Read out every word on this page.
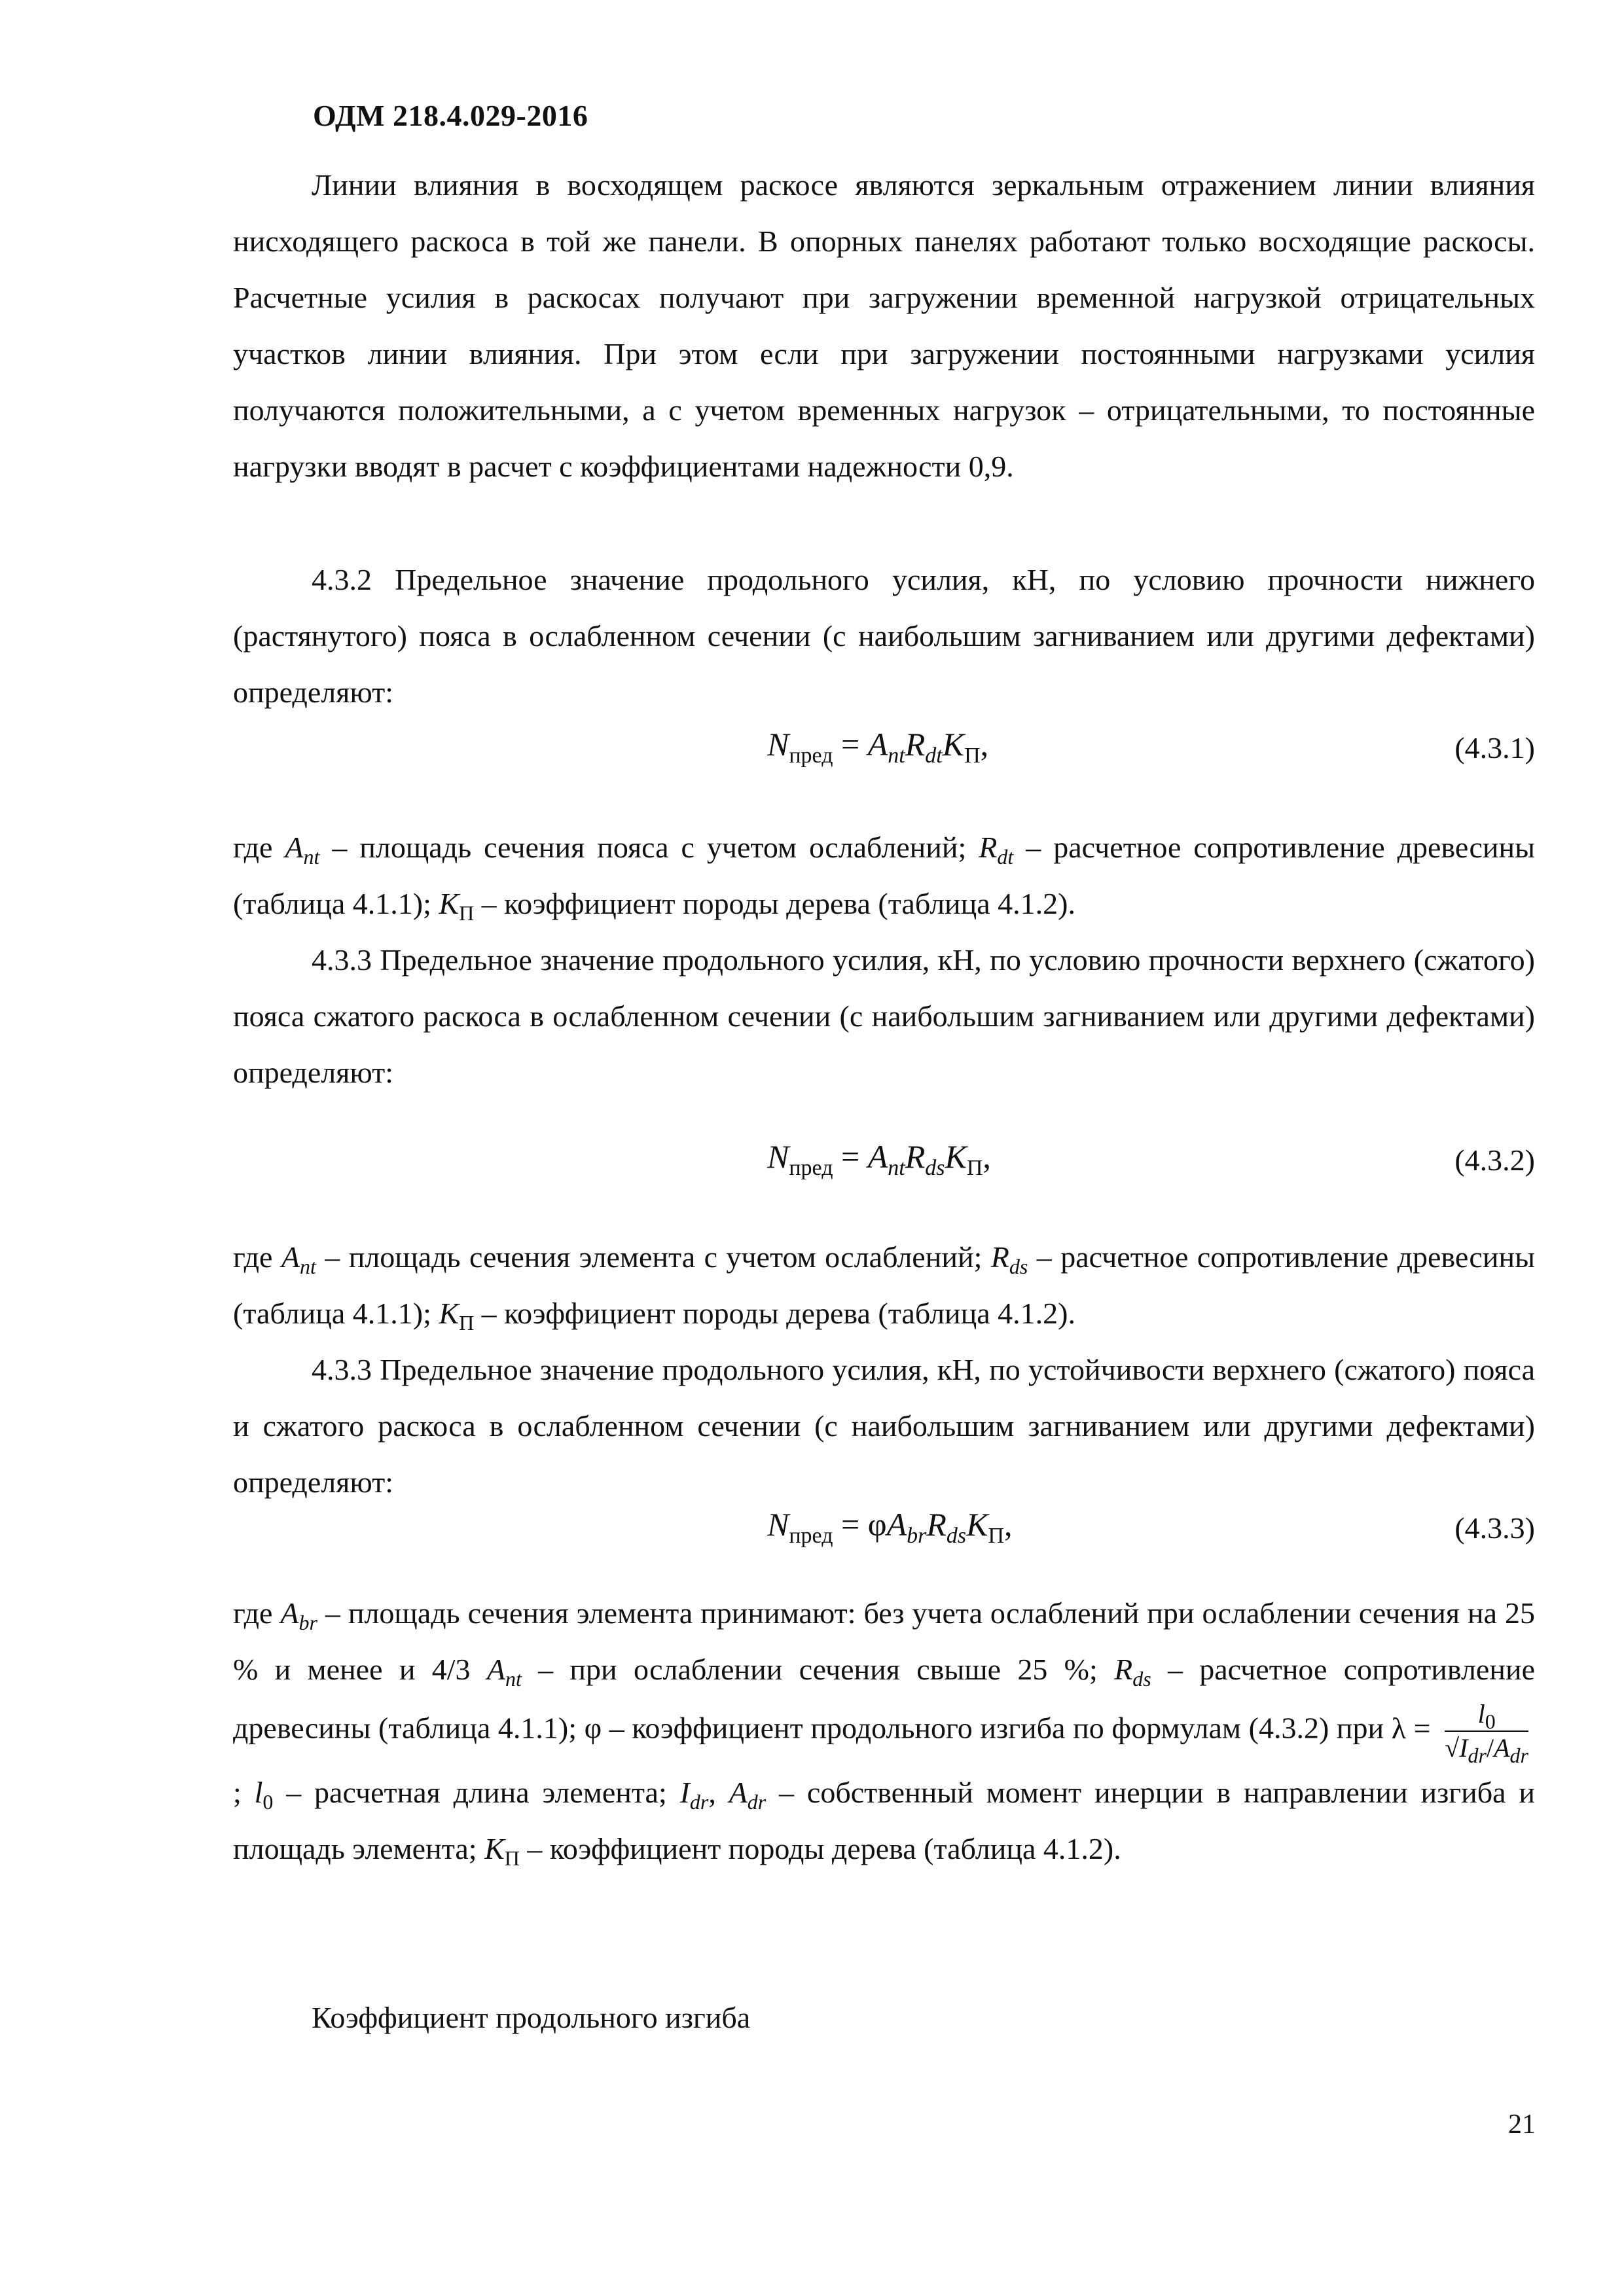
ОДМ 218.4.029-2016

Линии влияния в восходящем раскосе являются зеркальным отражением линии влияния нисходящего раскоса в той же панели. В опорных панелях работают только восходящие раскосы. Расчетные усилия в раскосах получают при загружении временной нагрузкой отрицательных участков линии влияния. При этом если при загружении постоянными нагрузками усилия получаются положительными, а с учетом временных нагрузок – отрицательными, то постоянные нагрузки вводят в расчет с коэффициентами надежности 0,9.

4.3.2 Предельное значение продольного усилия, кН, по условию прочности нижнего (растянутого) пояса в ослабленном сечении (с наибольшим загниванием или другими дефектами) определяют:

$N_{пред} = A_{nt}R_{dt}K_П$,	(4.3.1)

где $A_{nt}$ – площадь сечения пояса с учетом ослаблений; $R_{dt}$ – расчетное сопротивление древесины (таблица 4.1.1); $K_П$ – коэффициент породы дерева (таблица 4.1.2).

4.3.3 Предельное значение продольного усилия, кН, по условию прочности верхнего (сжатого) пояса сжатого раскоса в ослабленном сечении (с наибольшим загниванием или другими дефектами) определяют:

$N_{пред} = A_{nt}R_{ds}K_П$,	(4.3.2)

где $A_{nt}$ – площадь сечения элемента с учетом ослаблений; $R_{ds}$ – расчетное сопротивление древесины (таблица 4.1.1); $K_П$ – коэффициент породы дерева (таблица 4.1.2).

4.3.3 Предельное значение продольного усилия, кН, по устойчивости верхнего (сжатого) пояса и сжатого раскоса в ослабленном сечении (с наибольшим загниванием или другими дефектами) определяют:

$N_{пред} = \varphi A_{br}R_{ds}K_П$,	(4.3.3)

где $A_{br}$ – площадь сечения элемента принимают: без учета ослаблений при ослаблении сечения на 25 % и менее и 4/3 $A_{nt}$ – при ослаблении сечения свыше 25 %; $R_{ds}$ – расчетное сопротивление древесины (таблица 4.1.1); φ – коэффициент продольного изгиба по формулам (4.3.2) при $\lambda = \frac{l_0}{√I_{dr}/A_{dr}}$
; $l_0$ – расчетная длина элемента; $I_{dr}$, $A_{dr}$ – собственный момент инерции в направлении изгиба и площадь элемента; $K_П$ – коэффициент породы дерева (таблица 4.1.2).

Коэффициент продольного изгиба

21
